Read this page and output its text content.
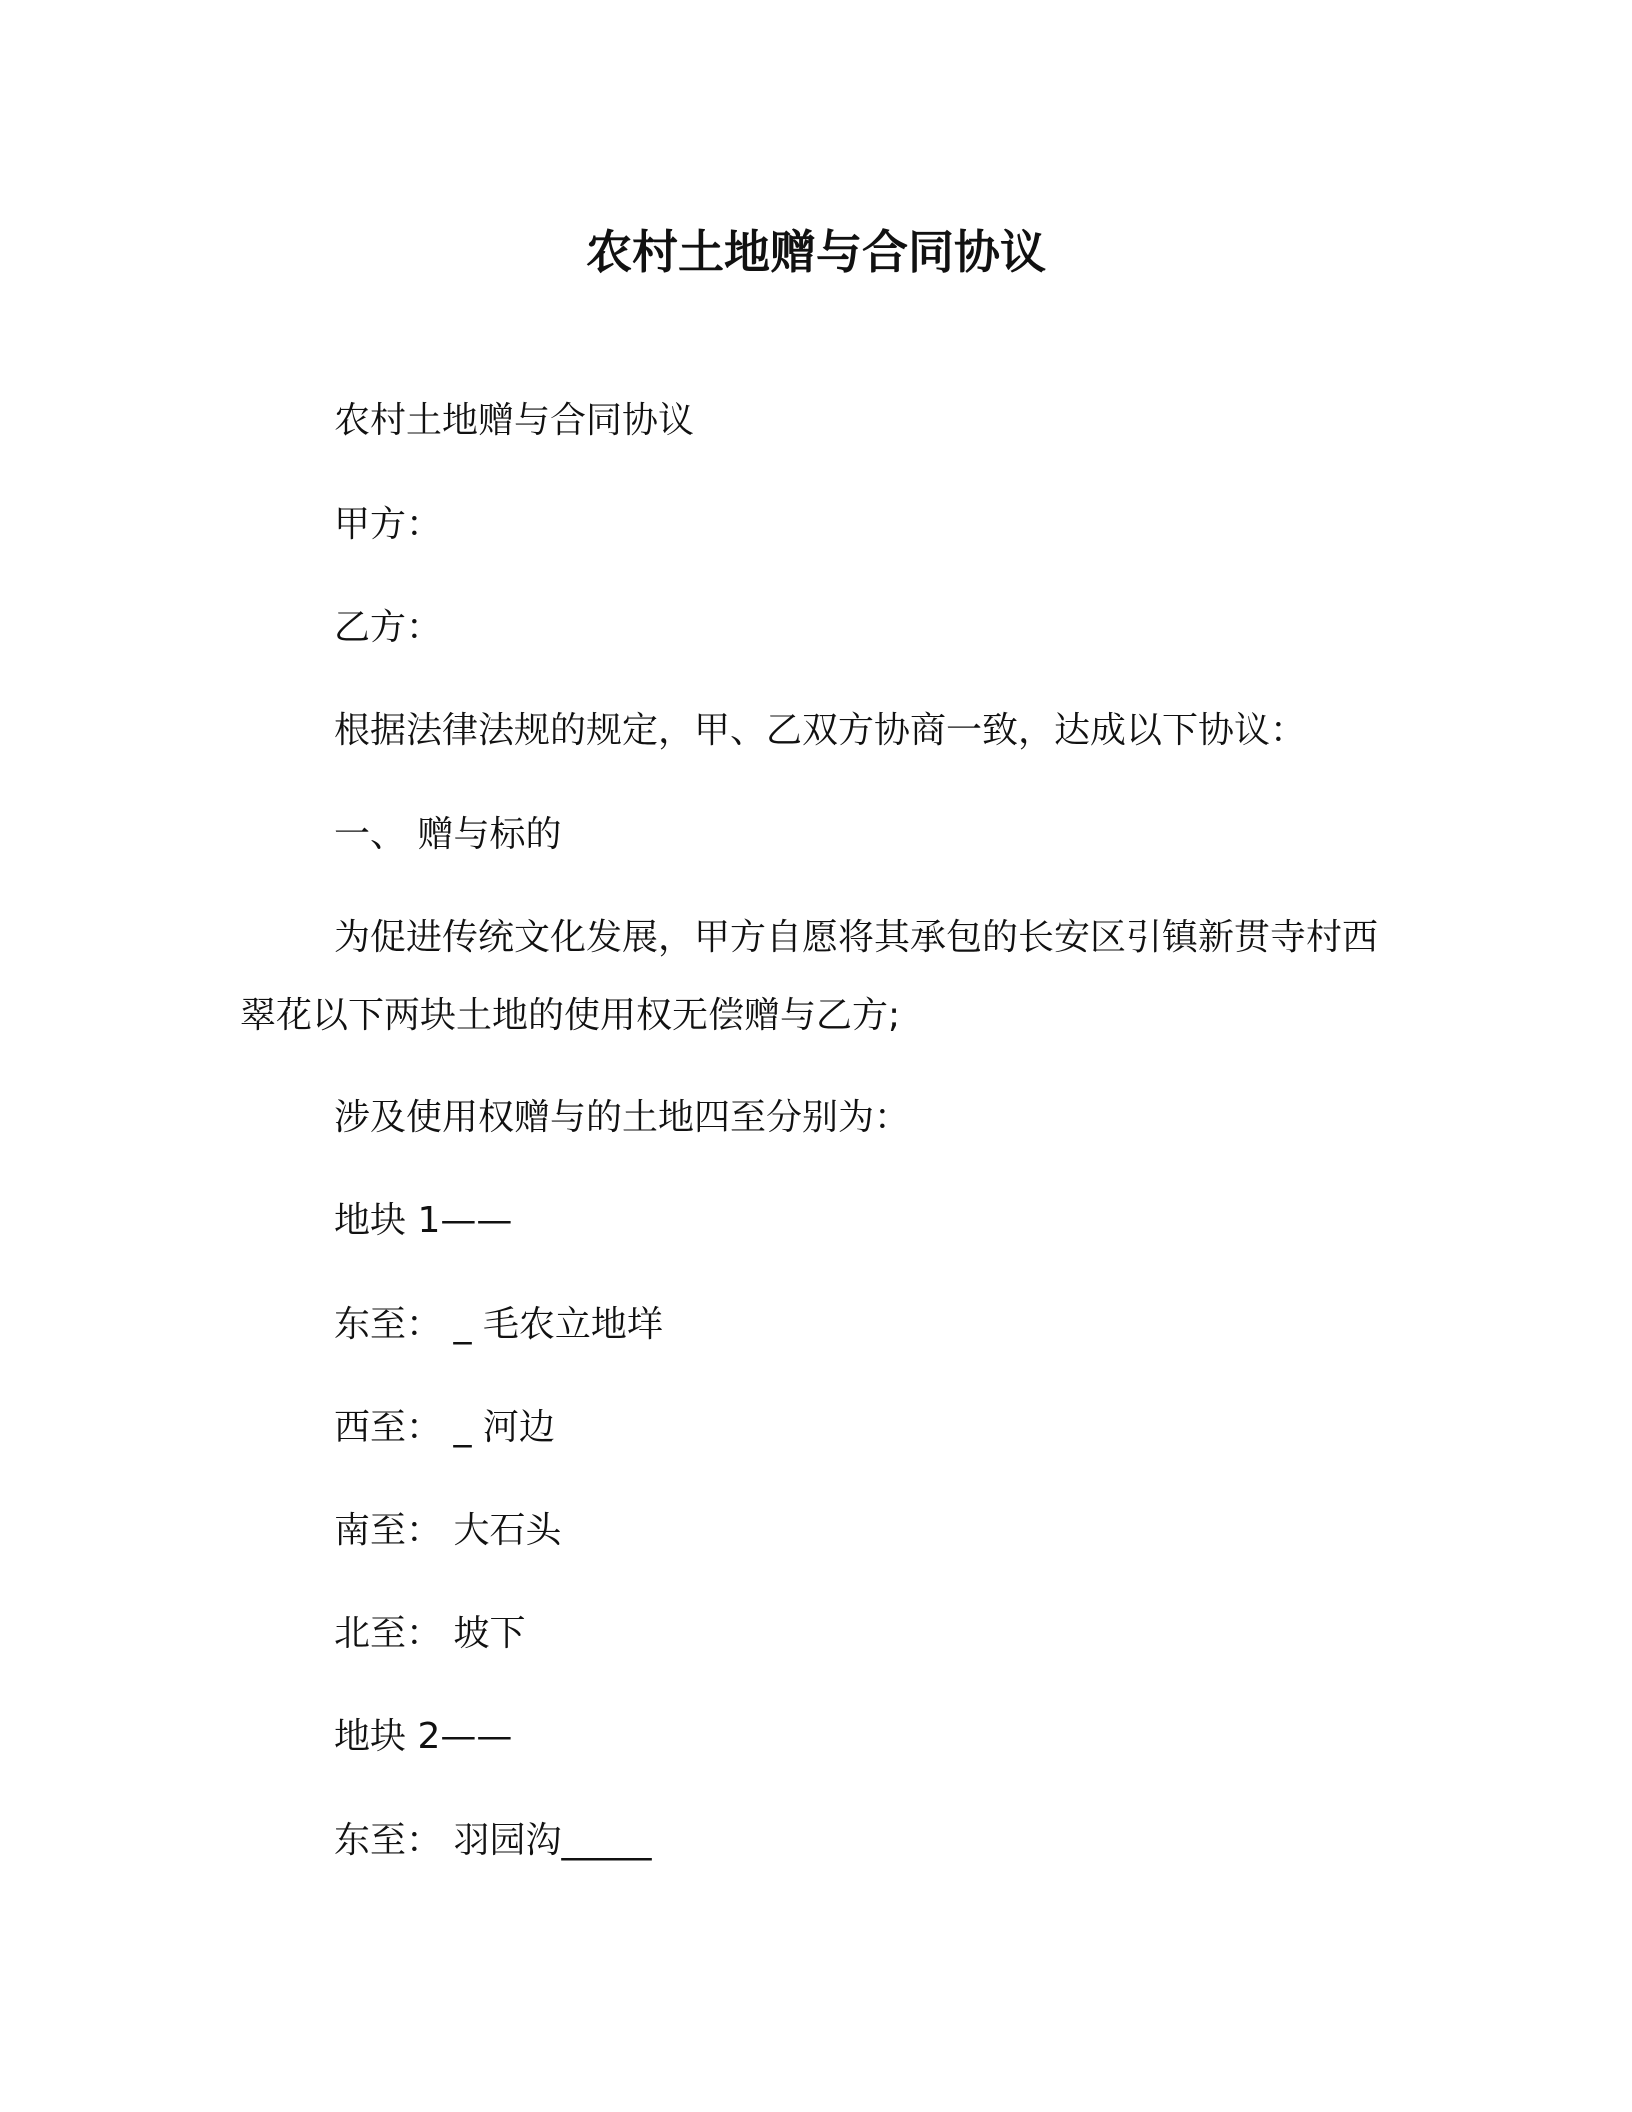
农村土地赠与合同协议
农村土地赠与合同协议
甲方：
乙方：
根据法律法规的规定，甲、乙双方协商一致，达成以下协议：
一、 赠与标的
为促进传统文化发展，甲方自愿将其承包的长安区引镇新贯寺村西翠花以下两块土地的使用权无偿赠与乙方;
涉及使用权赠与的土地四至分别为：
地块 1——
东至： _ 毛农立地垟
西至： _ 河边
南至： 大石头
北至： 坡下
地块 2——
东至： 羽园沟_____
